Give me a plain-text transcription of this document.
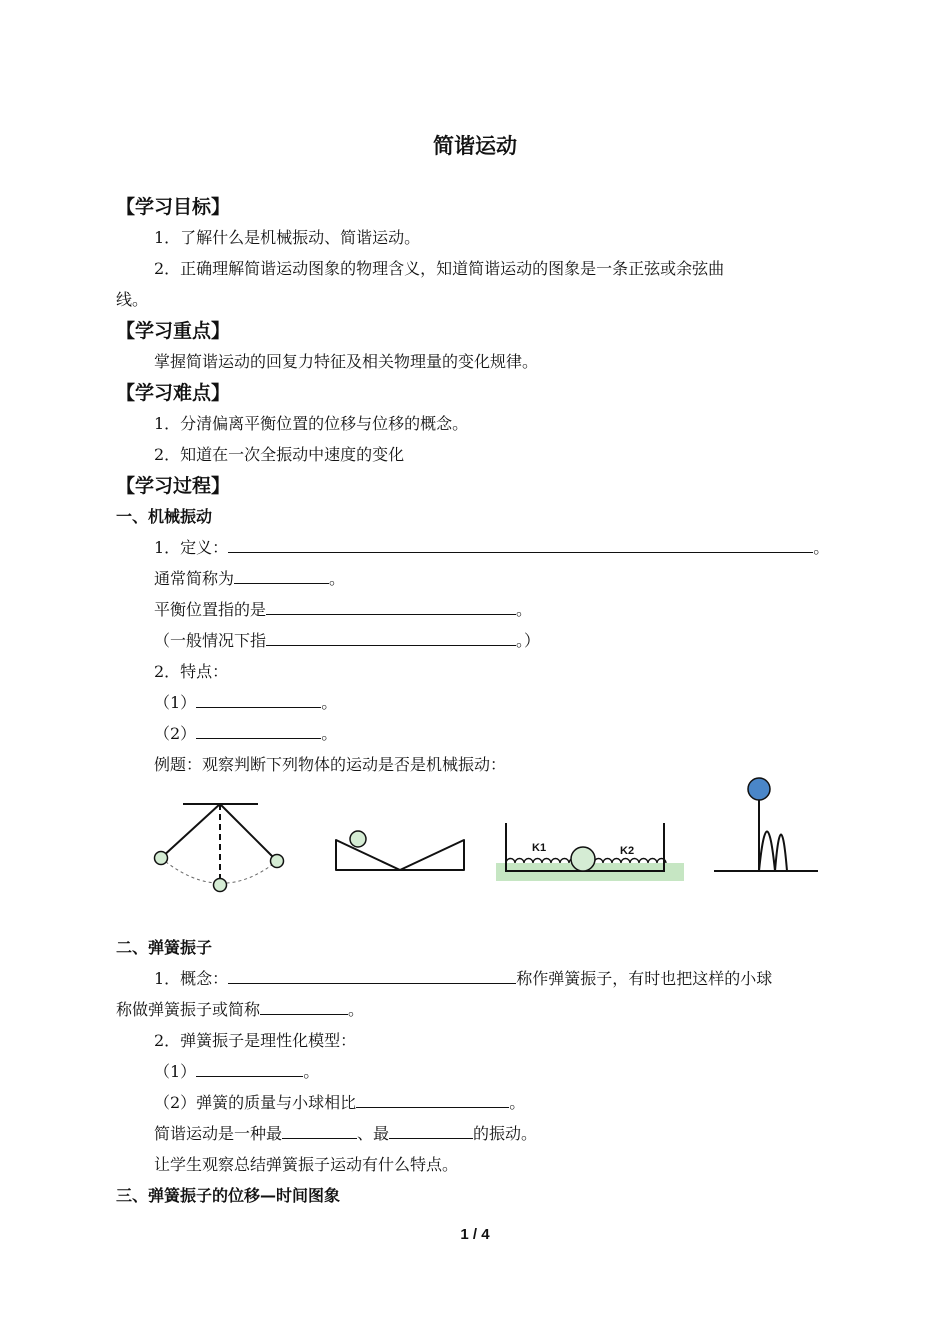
简谐运动
【学习目标】
1．了解什么是机械振动、简谐运动。
2．正确理解简谐运动图象的物理含义，知道简谐运动的图象是一条正弦或余弦曲
线。
【学习重点】
掌握简谐运动的回复力特征及相关物理量的变化规律。
【学习难点】
1．分清偏离平衡位置的位移与位移的概念。
2．知道在一次全振动中速度的变化
【学习过程】
一、机械振动
1．定义：	。
通常简称为	。
平衡位置指的是	。
（一般情况下指	。）
2．特点：
（1）	。
（2）	。
例题：观察判断下列物体的运动是否是机械振动：
K1	K2
二、弹簧振子
1．概念：	称作弹簧振子，有时也把这样的小球
称做弹簧振子或简称	。
2．弹簧振子是理性化模型：
（1）	。
（2）弹簧的质量与小球相比	。
简谐运动是一种最	、最	的振动。
让学生观察总结弹簧振子运动有什么特点。
三、弹簧振子的位移—时间图象
1 / 4
